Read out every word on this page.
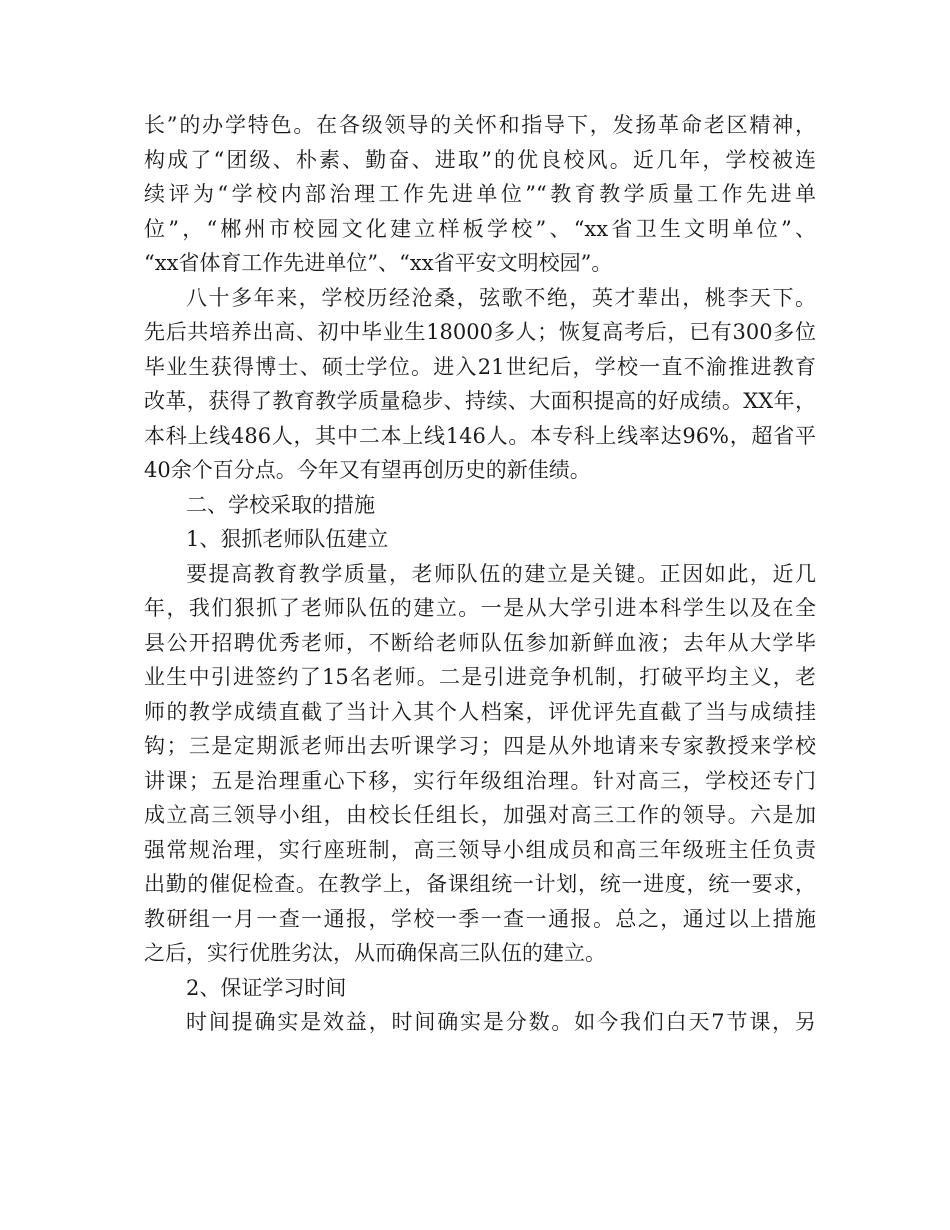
长”的办学特色。在各级领导的关怀和指导下，发扬革命老区精神，
构成了“团级、朴素、勤奋、进取”的优良校风。近几年，学校被连
续评为“学校内部治理工作先进单位”“教育教学质量工作先进单
位”，“郴州市校园文化建立样板学校”、“xx省卫生文明单位”、
“xx省体育工作先进单位”、“xx省平安文明校园”。
八十多年来，学校历经沧桑，弦歌不绝，英才辈出，桃李天下。
先后共培养出高、初中毕业生18000多人；恢复高考后，已有300多位
毕业生获得博士、硕士学位。进入21世纪后，学校一直不渝推进教育
改革，获得了教育教学质量稳步、持续、大面积提高的好成绩。XX年，
本科上线486人，其中二本上线146人。本专科上线率达96%，超省平
40余个百分点。今年又有望再创历史的新佳绩。
二、学校采取的措施
1、狠抓老师队伍建立
要提高教育教学质量，老师队伍的建立是关键。正因如此，近几
年，我们狠抓了老师队伍的建立。一是从大学引进本科学生以及在全
县公开招聘优秀老师，不断给老师队伍参加新鲜血液；去年从大学毕
业生中引进签约了15名老师。二是引进竞争机制，打破平均主义，老
师的教学成绩直截了当计入其个人档案，评优评先直截了当与成绩挂
钩；三是定期派老师出去听课学习；四是从外地请来专家教授来学校
讲课；五是治理重心下移，实行年级组治理。针对高三，学校还专门
成立高三领导小组，由校长任组长，加强对高三工作的领导。六是加
强常规治理，实行座班制，高三领导小组成员和高三年级班主任负责
出勤的催促检查。在教学上，备课组统一计划，统一进度，统一要求，
教研组一月一查一通报，学校一季一查一通报。总之，通过以上措施
之后，实行优胜劣汰，从而确保高三队伍的建立。
2、保证学习时间
时间提确实是效益，时间确实是分数。如今我们白天7节课，另
